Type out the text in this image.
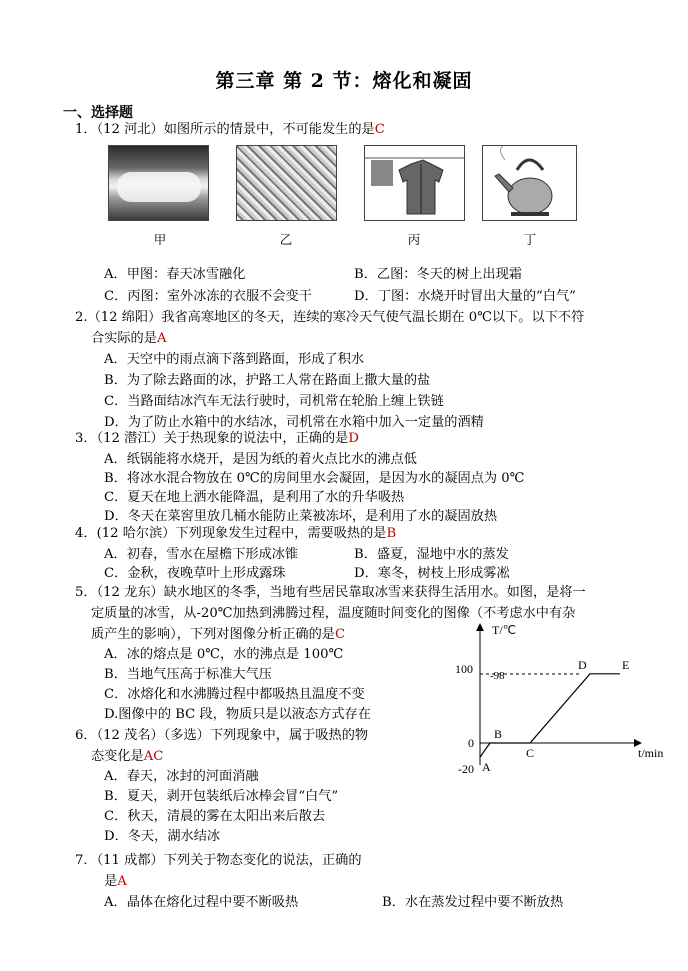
第三章 第 2 节：熔化和凝固
一、选择题
1．（12 河北）如图所示的情景中，不可能发生的是C
甲	乙	丙	丁
A．甲图：春天冰雪融化	B．乙图：冬天的树上出现霜
C．丙图：室外冰冻的衣服不会变干	D．丁图：水烧开时冒出大量的“白气”
2.（12 绵阳）我省高寒地区的冬天，连续的寒冷天气使气温长期在 0℃以下。以下不符
合实际的是A
A．天空中的雨点滴下落到路面，形成了积水
B．为了除去路面的冰，护路工人常在路面上撒大量的盐
C．当路面结冰汽车无法行驶时，司机常在轮胎上缠上铁链
D．为了防止水箱中的水结冰，司机常在水箱中加入一定量的酒精
3．（12 潜江）关于热现象的说法中，正确的是D
A．纸锅能将水烧开，是因为纸的着火点比水的沸点低
B．将冰水混合物放在 0℃的房间里水会凝固，是因为水的凝固点为 0℃
C．夏天在地上洒水能降温，是利用了水的升华吸热
D．冬天在菜窖里放几桶水能防止菜被冻坏，是利用了水的凝固放热
4．(12 哈尔滨）下列现象发生过程中，需要吸热的是B
A．初春，雪水在屋檐下形成冰锥	B．盛夏，湿地中水的蒸发
C．金秋，夜晚草叶上形成露珠	D．寒冬，树枝上形成雾凇
5．（12 龙东）缺水地区的冬季，当地有些居民靠取冰雪来获得生活用水。如图，是将一
定质量的冰雪，从-20℃加热到沸腾过程，温度随时间变化的图像（不考虑水中有杂
质产生的影响），下列对图像分析正确的是C
A．冰的熔点是 0℃，水的沸点是 100℃
B．当地气压高于标准大气压
C．冰熔化和水沸腾过程中都吸热且温度不变
D.图像中的 BC 段，物质只是以液态方式存在
T/℃
t/min
100
0
-20
-98
A
B
C
D	E
6．（12 茂名）（多选）下列现象中，属于吸热的物
态变化是AC
A．春天，冰封的河面消融
B．夏天，剥开包装纸后冰棒会冒“白气”
C．秋天，清晨的雾在太阳出来后散去
D．冬天，湖水结冰
7．（11 成都）下列关于物态变化的说法，正确的
是A
A．晶体在熔化过程中要不断吸热	B．水在蒸发过程中要不断放热
